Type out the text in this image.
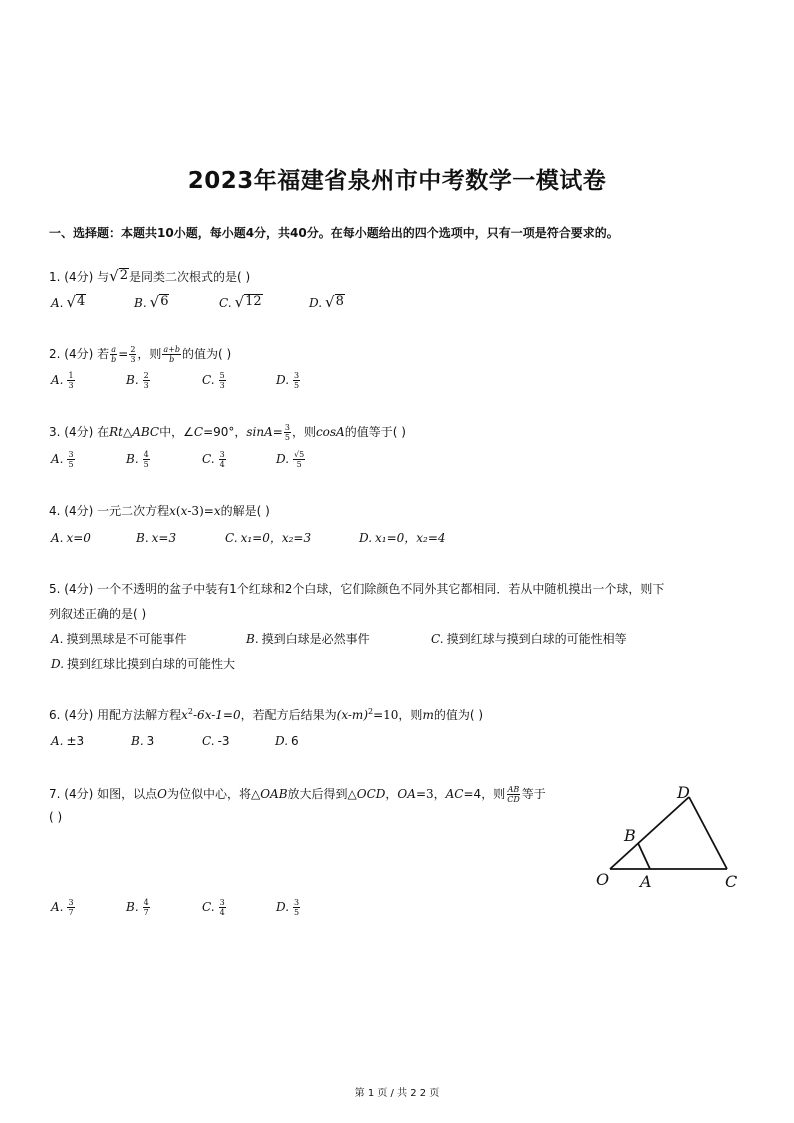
2023年福建省泉州市中考数学一模试卷
一、选择题：本题共10小题，每小题4分，共40分。在每小题给出的四个选项中，只有一项是符合要求的。
1. (4分) 与 √ 2 是同类二次根式的是( )
A. √ 4	B. √ 6	C. √ 12	D. √ 8
2. (4分) 若 $\frac{a}{b} = \frac{2}{3}$ ，则 $\frac{a+b}{b}$ 的值为( )
A. $\frac{1}{3}$	B. $\frac{2}{3}$	C. $\frac{5}{3}$	D. $\frac{3}{5}$
3. (4分) 在Rt△ABC中，∠C=90°，$\sin A= \frac{3}{5}$ ，则cosA的值等于( )
A. $\frac{3}{5}$	B. $\frac{4}{5}$	C. $\frac{3}{4}$	D. $\frac{√5}{5}$
4. (4分) 一元二次方程x(x-3)=x的解是( )
A. x=0	B. x=3	C. x₁=0，x₂=3	D. x₁=0，x₂=4
5. (4分) 一个不透明的盆子中装有1个红球和2个白球，它们除颜色不同外其它都相同．若从中随机摸出一个球，则下
列叙述正确的是( )
A. 摸到黑球是不可能事件	B. 摸到白球是必然事件	C. 摸到红球与摸到白球的可能性相等
D. 摸到红球比摸到白球的可能性大
6. (4分) 用配方法解方程$x^2-6x-1=0$，若配方后结果为$(x-m)^2=10$，则m的值为( )
A. ±3	B. 3	C. -3	D. 6
7. (4分) 如图，以点O为位似中心，将△OAB放大后得到△OCD，OA=3，AC=4，则 $\frac{AB}{CD}$ 等于
( )
O A
B
C
D
A. $\frac{3}{7}$	B. $\frac{4}{7}$	C. $\frac{3}{4}$	D. $\frac{3}{5}$
第 1 页 / 共 2 2 页
